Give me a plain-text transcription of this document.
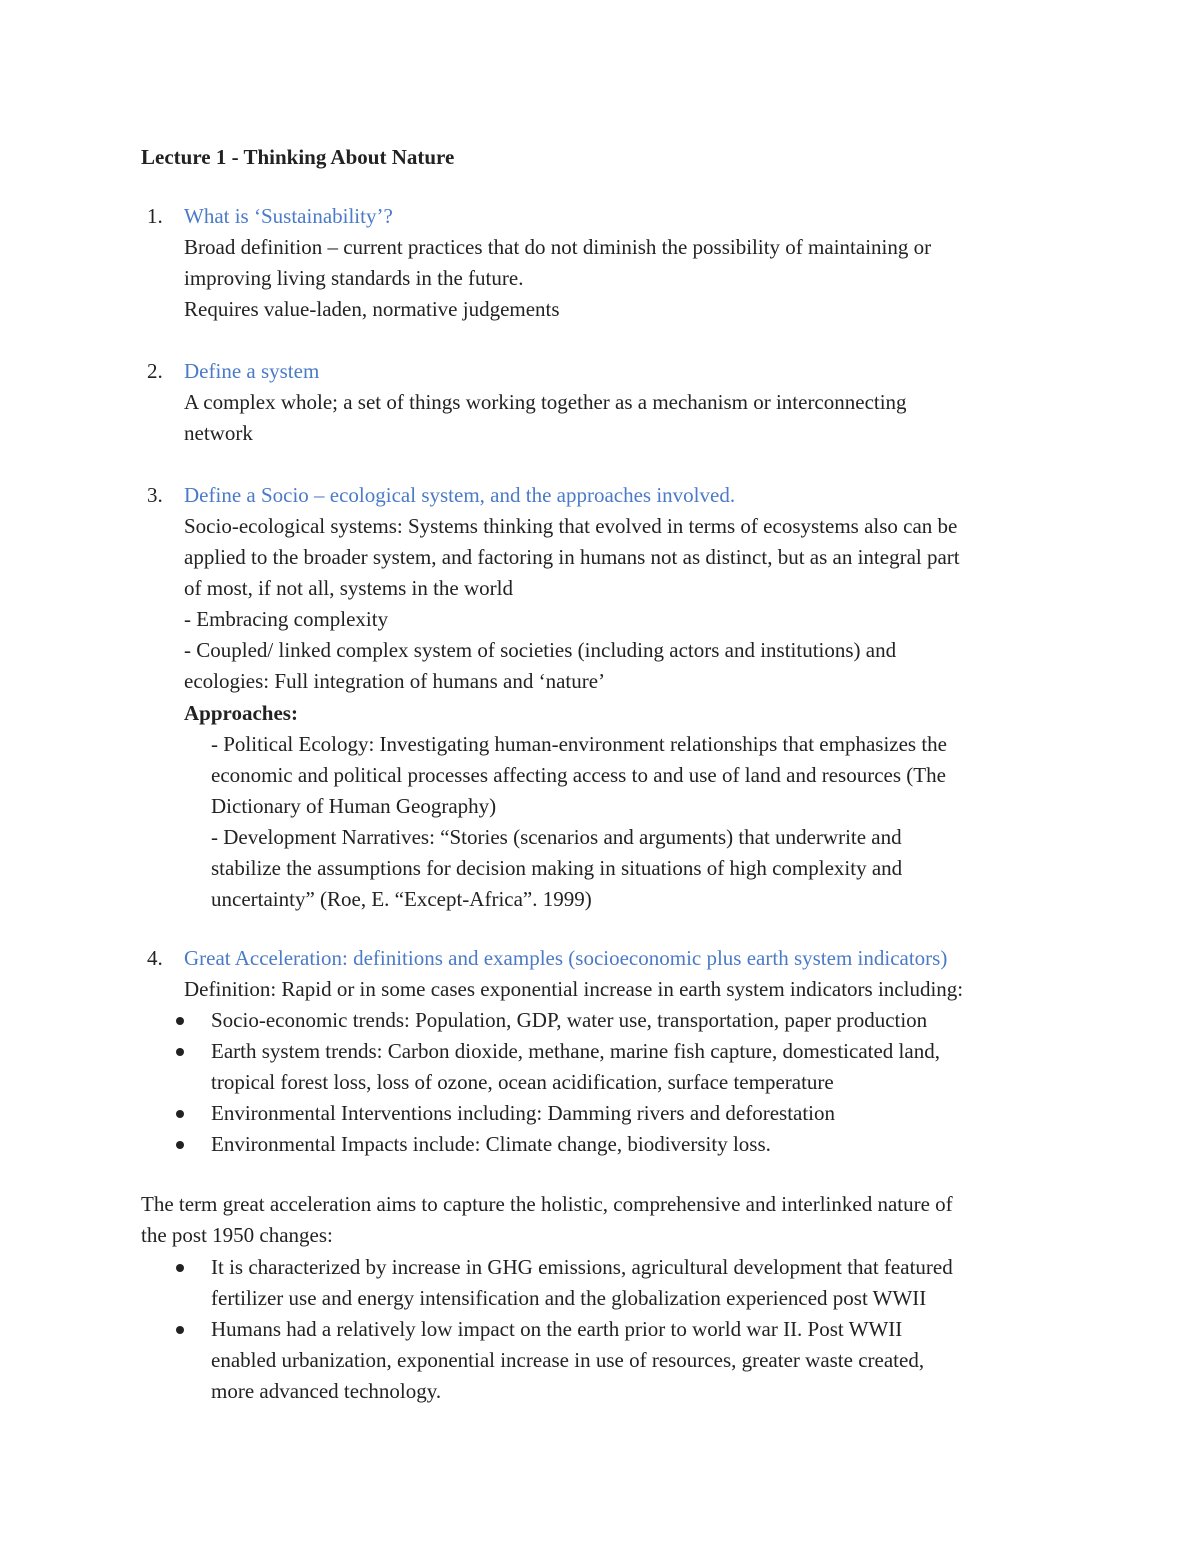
Lecture 1 - Thinking About Nature
1. What is ‘Sustainability’?
Broad definition – current practices that do not diminish the possibility of maintaining or
improving living standards in the future.
Requires value-laden, normative judgements
2. Define a system
A complex whole; a set of things working together as a mechanism or interconnecting
network
3. Define a Socio – ecological system, and the approaches involved.
Socio-ecological systems: Systems thinking that evolved in terms of ecosystems also can be
applied to the broader system, and factoring in humans not as distinct, but as an integral part
of most, if not all, systems in the world
- Embracing complexity
- Coupled/ linked complex system of societies (including actors and institutions) and
ecologies: Full integration of humans and ‘nature’
Approaches:
- Political Ecology: Investigating human-environment relationships that emphasizes the
economic and political processes affecting access to and use of land and resources (The
Dictionary of Human Geography)
- Development Narratives: “Stories (scenarios and arguments) that underwrite and
stabilize the assumptions for decision making in situations of high complexity and
uncertainty” (Roe, E. “Except-Africa”. 1999)
4. Great Acceleration: definitions and examples (socioeconomic plus earth system indicators)
Definition: Rapid or in some cases exponential increase in earth system indicators including:
Socio-economic trends: Population, GDP, water use, transportation, paper production
Earth system trends: Carbon dioxide, methane, marine fish capture, domesticated land,
tropical forest loss, loss of ozone, ocean acidification, surface temperature
Environmental Interventions including: Damming rivers and deforestation
Environmental Impacts include: Climate change, biodiversity loss.
The term great acceleration aims to capture the holistic, comprehensive and interlinked nature of
the post 1950 changes:
It is characterized by increase in GHG emissions, agricultural development that featured
fertilizer use and energy intensification and the globalization experienced post WWII
Humans had a relatively low impact on the earth prior to world war II. Post WWII
enabled urbanization, exponential increase in use of resources, greater waste created,
more advanced technology.
